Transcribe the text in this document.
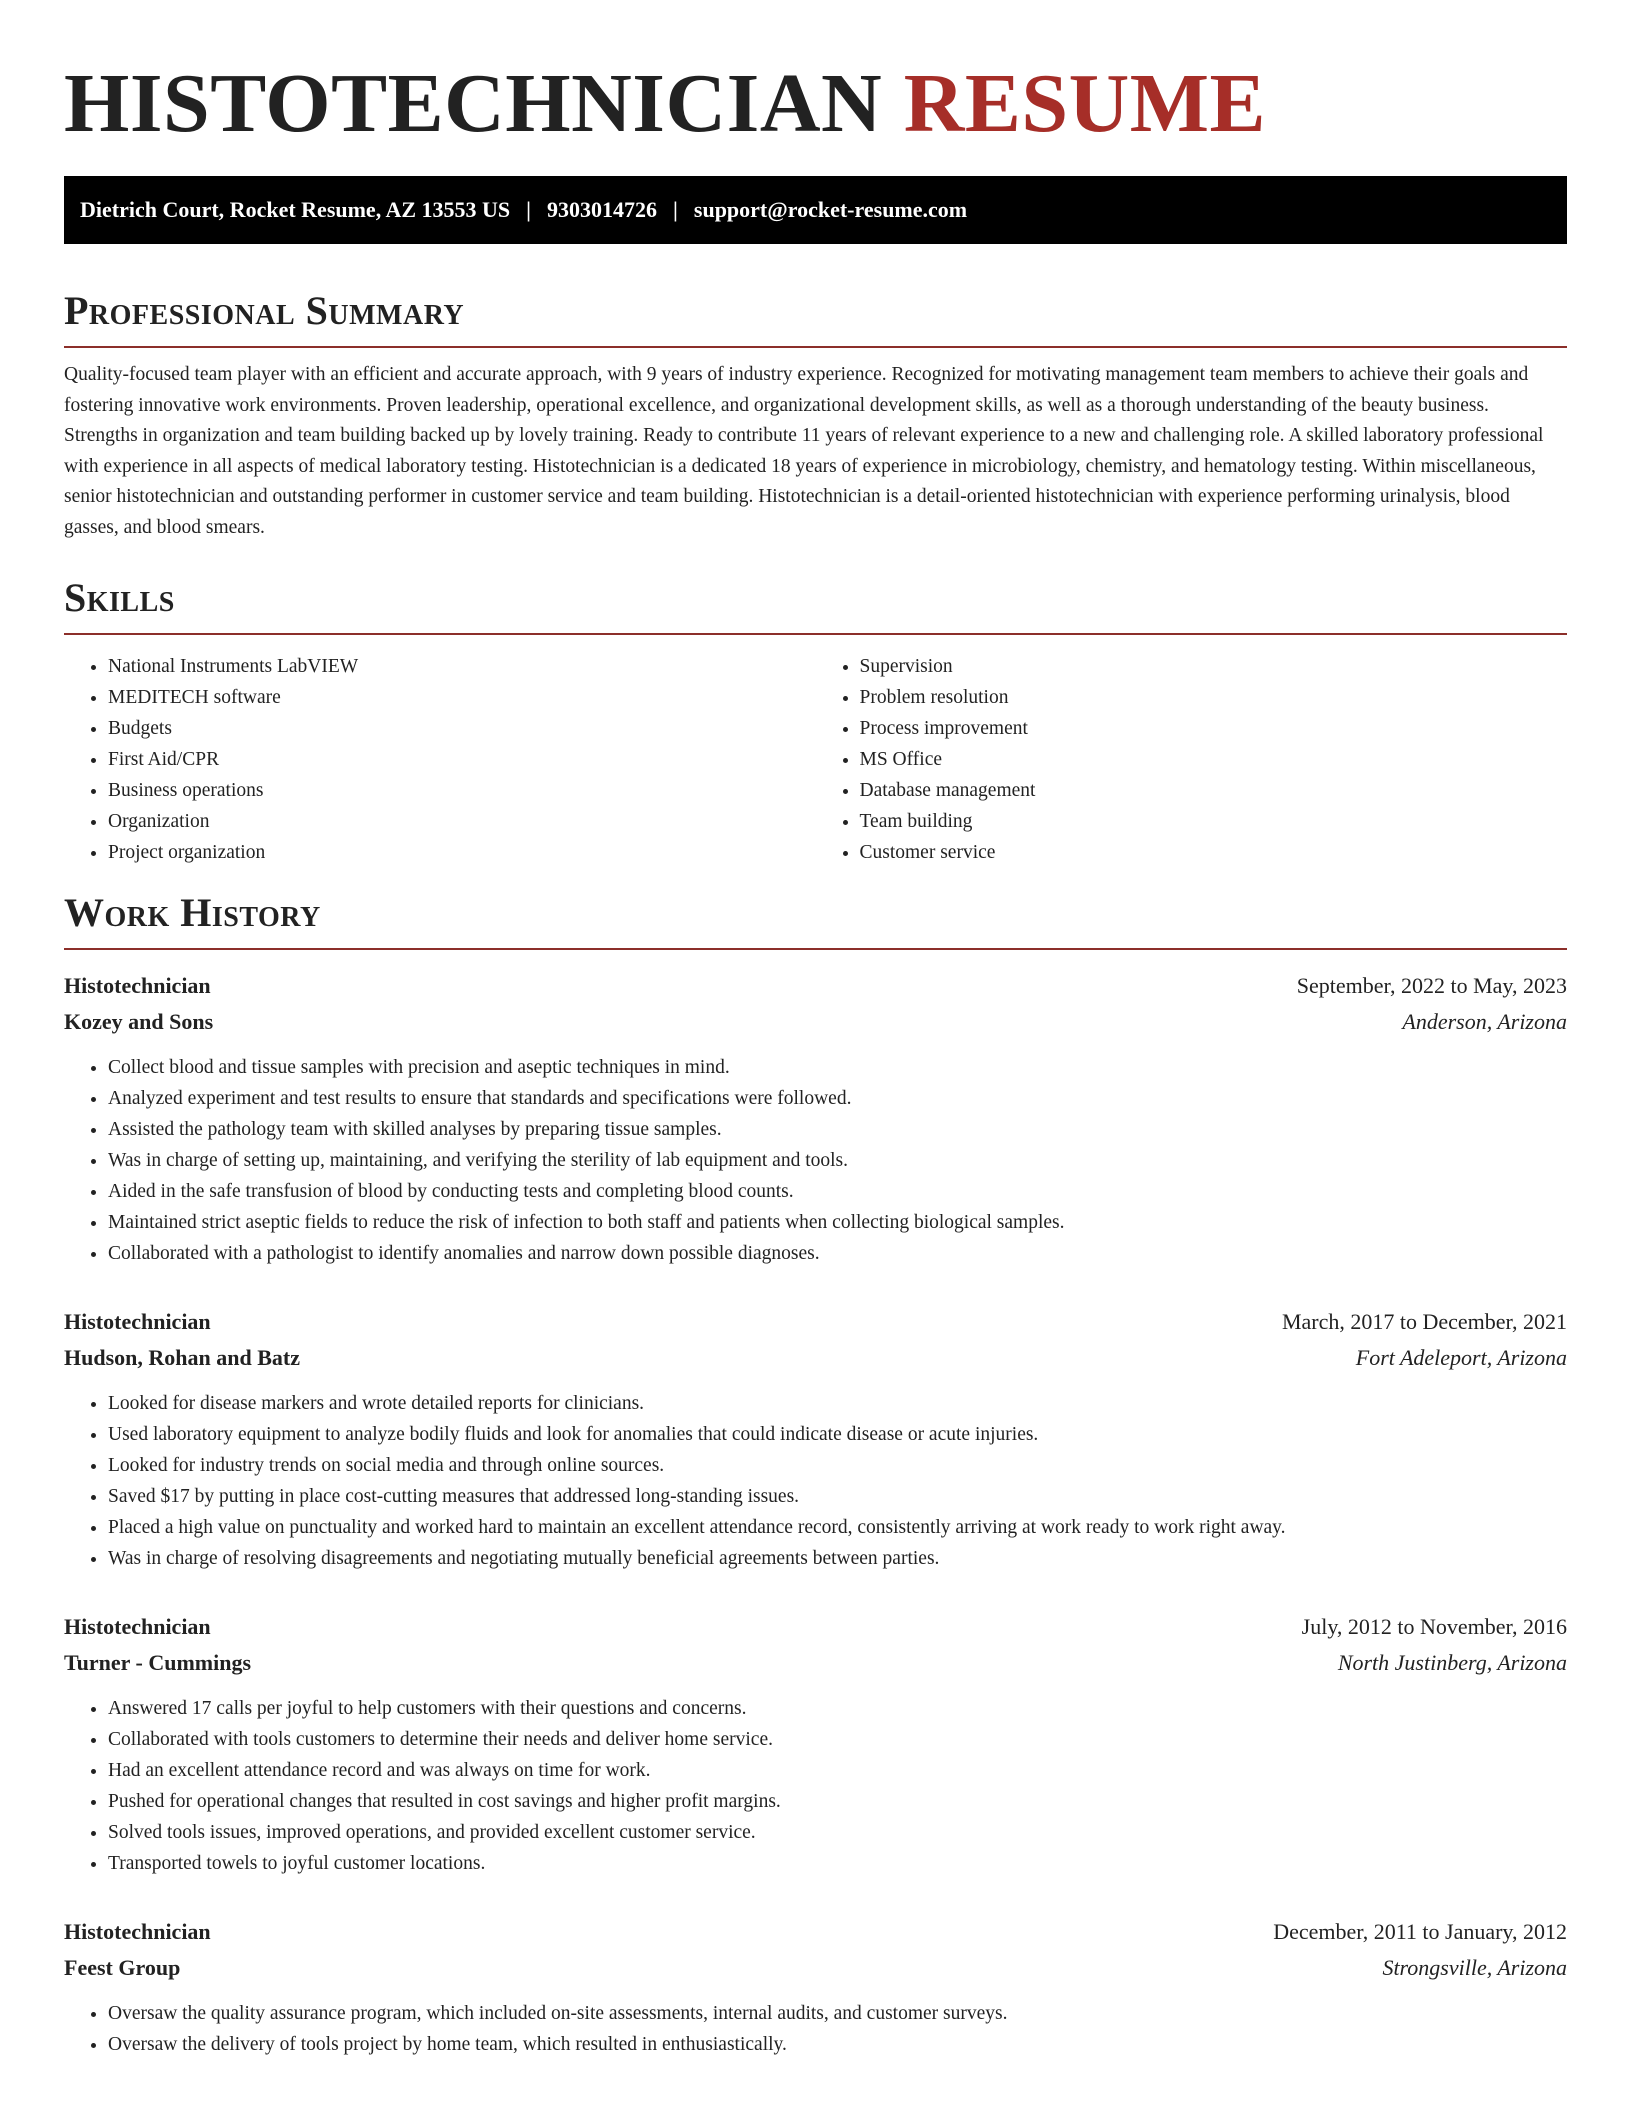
HISTOTECHNICIAN RESUME
Dietrich Court, Rocket Resume, AZ 13553 US | 9303014726 | support@rocket-resume.com
Professional Summary

Quality-focused team player with an efficient and accurate approach, with 9 years of industry experience. Recognized for motivating management team members to achieve their goals and fostering innovative work environments. Proven leadership, operational excellence, and organizational development skills, as well as a thorough understanding of the beauty business. Strengths in organization and team building backed up by lovely training. Ready to contribute 11 years of relevant experience to a new and challenging role. A skilled laboratory professional with experience in all aspects of medical laboratory testing. Histotechnician is a dedicated 18 years of experience in microbiology, chemistry, and hematology testing. Within miscellaneous, senior histotechnician and outstanding performer in customer service and team building. Histotechnician is a detail-oriented histotechnician with experience performing urinalysis, blood gasses, and blood smears.

Skills
• National Instruments LabVIEW
• MEDITECH software
• Budgets
• First Aid/CPR
• Business operations
• Organization
• Project organization
• Supervision
• Problem resolution
• Process improvement
• MS Office
• Database management
• Team building
• Customer service
Work History
Histotechnician	September, 2022 to May, 2023
Kozey and Sons	Anderson, Arizona
• Collect blood and tissue samples with precision and aseptic techniques in mind.
• Analyzed experiment and test results to ensure that standards and specifications were followed.
• Assisted the pathology team with skilled analyses by preparing tissue samples.
• Was in charge of setting up, maintaining, and verifying the sterility of lab equipment and tools.
• Aided in the safe transfusion of blood by conducting tests and completing blood counts.
• Maintained strict aseptic fields to reduce the risk of infection to both staff and patients when collecting biological samples.
• Collaborated with a pathologist to identify anomalies and narrow down possible diagnoses.
Histotechnician	March, 2017 to December, 2021
Hudson, Rohan and Batz	Fort Adeleport, Arizona
• Looked for disease markers and wrote detailed reports for clinicians.
• Used laboratory equipment to analyze bodily fluids and look for anomalies that could indicate disease or acute injuries.
• Looked for industry trends on social media and through online sources.
• Saved $17 by putting in place cost-cutting measures that addressed long-standing issues.
• Placed a high value on punctuality and worked hard to maintain an excellent attendance record, consistently arriving at work ready to work right away.
• Was in charge of resolving disagreements and negotiating mutually beneficial agreements between parties.
Histotechnician	July, 2012 to November, 2016
Turner - Cummings	North Justinberg, Arizona
• Answered 17 calls per joyful to help customers with their questions and concerns.
• Collaborated with tools customers to determine their needs and deliver home service.
• Had an excellent attendance record and was always on time for work.
• Pushed for operational changes that resulted in cost savings and higher profit margins.
• Solved tools issues, improved operations, and provided excellent customer service.
• Transported towels to joyful customer locations.
Histotechnician	December, 2011 to January, 2012
Feest Group	Strongsville, Arizona
• Oversaw the quality assurance program, which included on-site assessments, internal audits, and customer surveys.
• Oversaw the delivery of tools project by home team, which resulted in enthusiastically.
